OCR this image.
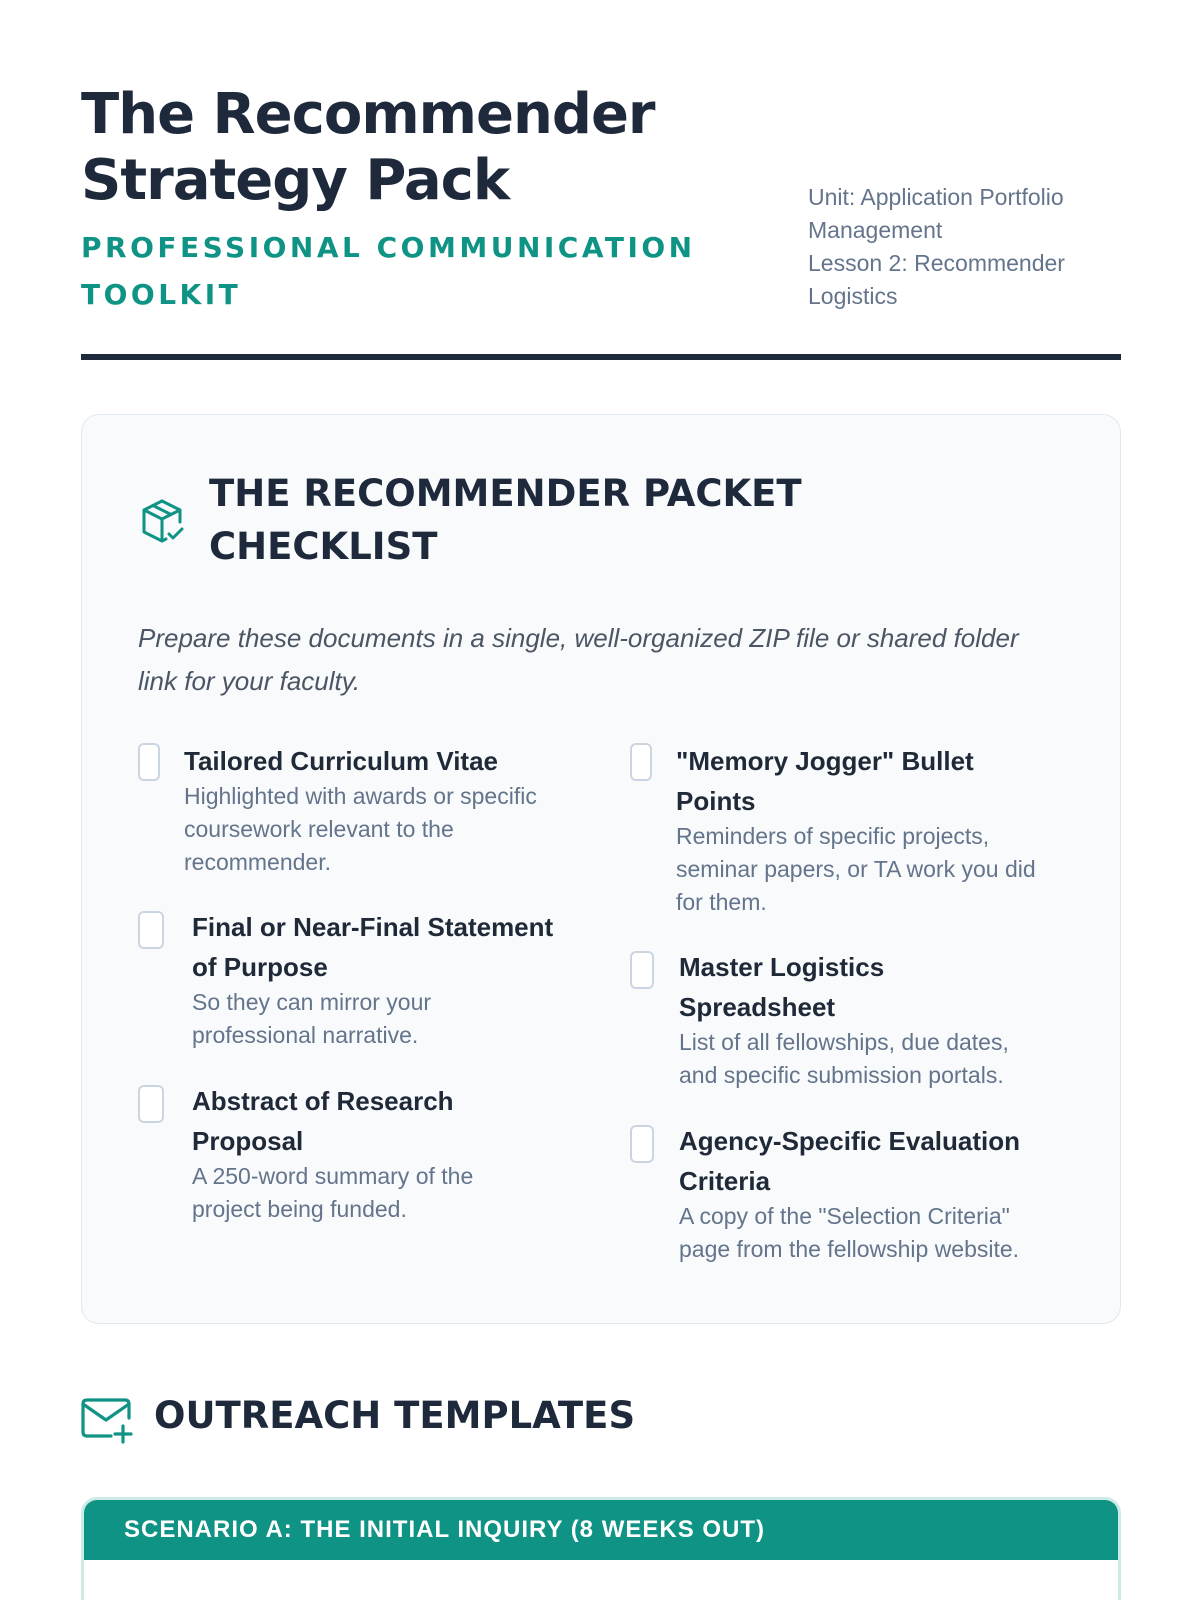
The Recommender Strategy Pack
PROFESSIONAL COMMUNICATION TOOLKIT
Unit: Application Portfolio Management
Lesson 2: Recommender Logistics
THE RECOMMENDER PACKET CHECKLIST
Prepare these documents in a single, well-organized ZIP file or shared folder link for your faculty.
Tailored Curriculum Vitae
Highlighted with awards or specific coursework relevant to the recommender.
"Memory Jogger" Bullet Points
Reminders of specific projects, seminar papers, or TA work you did for them.
Final or Near-Final Statement of Purpose
So they can mirror your professional narrative.
Master Logistics Spreadsheet
List of all fellowships, due dates, and specific submission portals.
Abstract of Research Proposal
A 250-word summary of the project being funded.
Agency-Specific Evaluation Criteria
A copy of the "Selection Criteria" page from the fellowship website.
OUTREACH TEMPLATES
SCENARIO A: THE INITIAL INQUIRY (8 WEEKS OUT)
